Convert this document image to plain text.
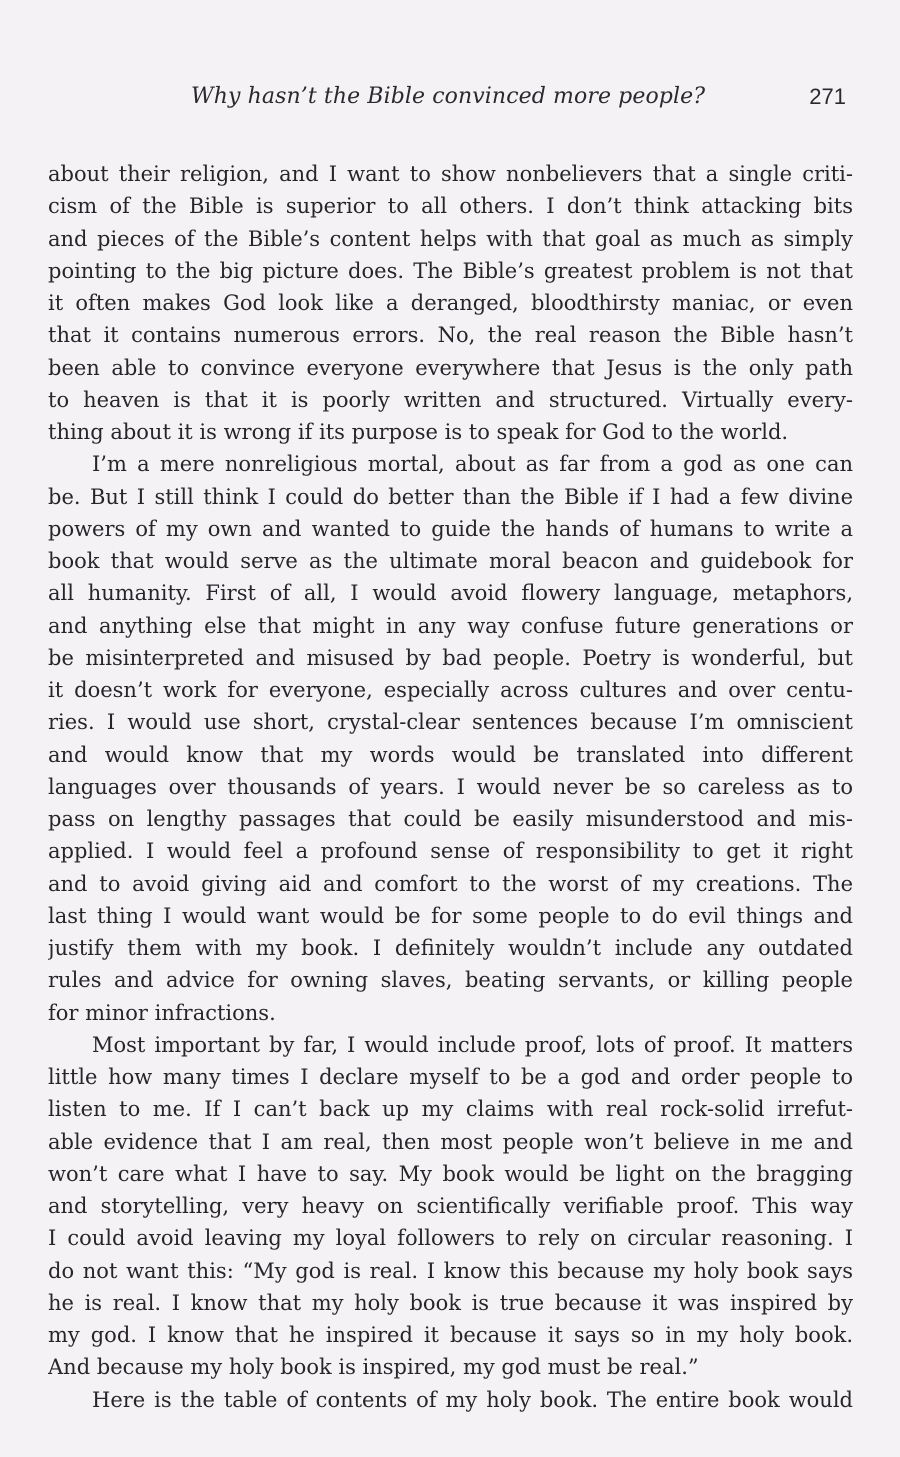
Why hasn’t the Bible convinced more people?	271

about their religion, and I want to show nonbelievers that a single criti-
cism of the Bible is superior to all others. I don’t think attacking bits
and pieces of the Bible’s content helps with that goal as much as simply
pointing to the big picture does. The Bible’s greatest problem is not that
it often makes God look like a deranged, bloodthirsty maniac, or even
that it contains numerous errors. No, the real reason the Bible hasn’t
been able to convince everyone everywhere that Jesus is the only path
to heaven is that it is poorly written and structured. Virtually every-
thing about it is wrong if its purpose is to speak for God to the world.

I’m a mere nonreligious mortal, about as far from a god as one can
be. But I still think I could do better than the Bible if I had a few divine
powers of my own and wanted to guide the hands of humans to write a
book that would serve as the ultimate moral beacon and guidebook for
all humanity. First of all, I would avoid flowery language, metaphors,
and anything else that might in any way confuse future generations or
be misinterpreted and misused by bad people. Poetry is wonderful, but
it doesn’t work for everyone, especially across cultures and over centu-
ries. I would use short, crystal-clear sentences because I’m omniscient
and would know that my words would be translated into different
languages over thousands of years. I would never be so careless as to
pass on lengthy passages that could be easily misunderstood and mis-
applied. I would feel a profound sense of responsibility to get it right
and to avoid giving aid and comfort to the worst of my creations. The
last thing I would want would be for some people to do evil things and
justify them with my book. I definitely wouldn’t include any outdated
rules and advice for owning slaves, beating servants, or killing people
for minor infractions.

Most important by far, I would include proof, lots of proof. It matters
little how many times I declare myself to be a god and order people to
listen to me. If I can’t back up my claims with real rock-solid irrefut-
able evidence that I am real, then most people won’t believe in me and
won’t care what I have to say. My book would be light on the bragging
and storytelling, very heavy on scientifically verifiable proof. This way
I could avoid leaving my loyal followers to rely on circular reasoning. I
do not want this: “My god is real. I know this because my holy book says
he is real. I know that my holy book is true because it was inspired by
my god. I know that he inspired it because it says so in my holy book.
And because my holy book is inspired, my god must be real.”

Here is the table of contents of my holy book. The entire book would
